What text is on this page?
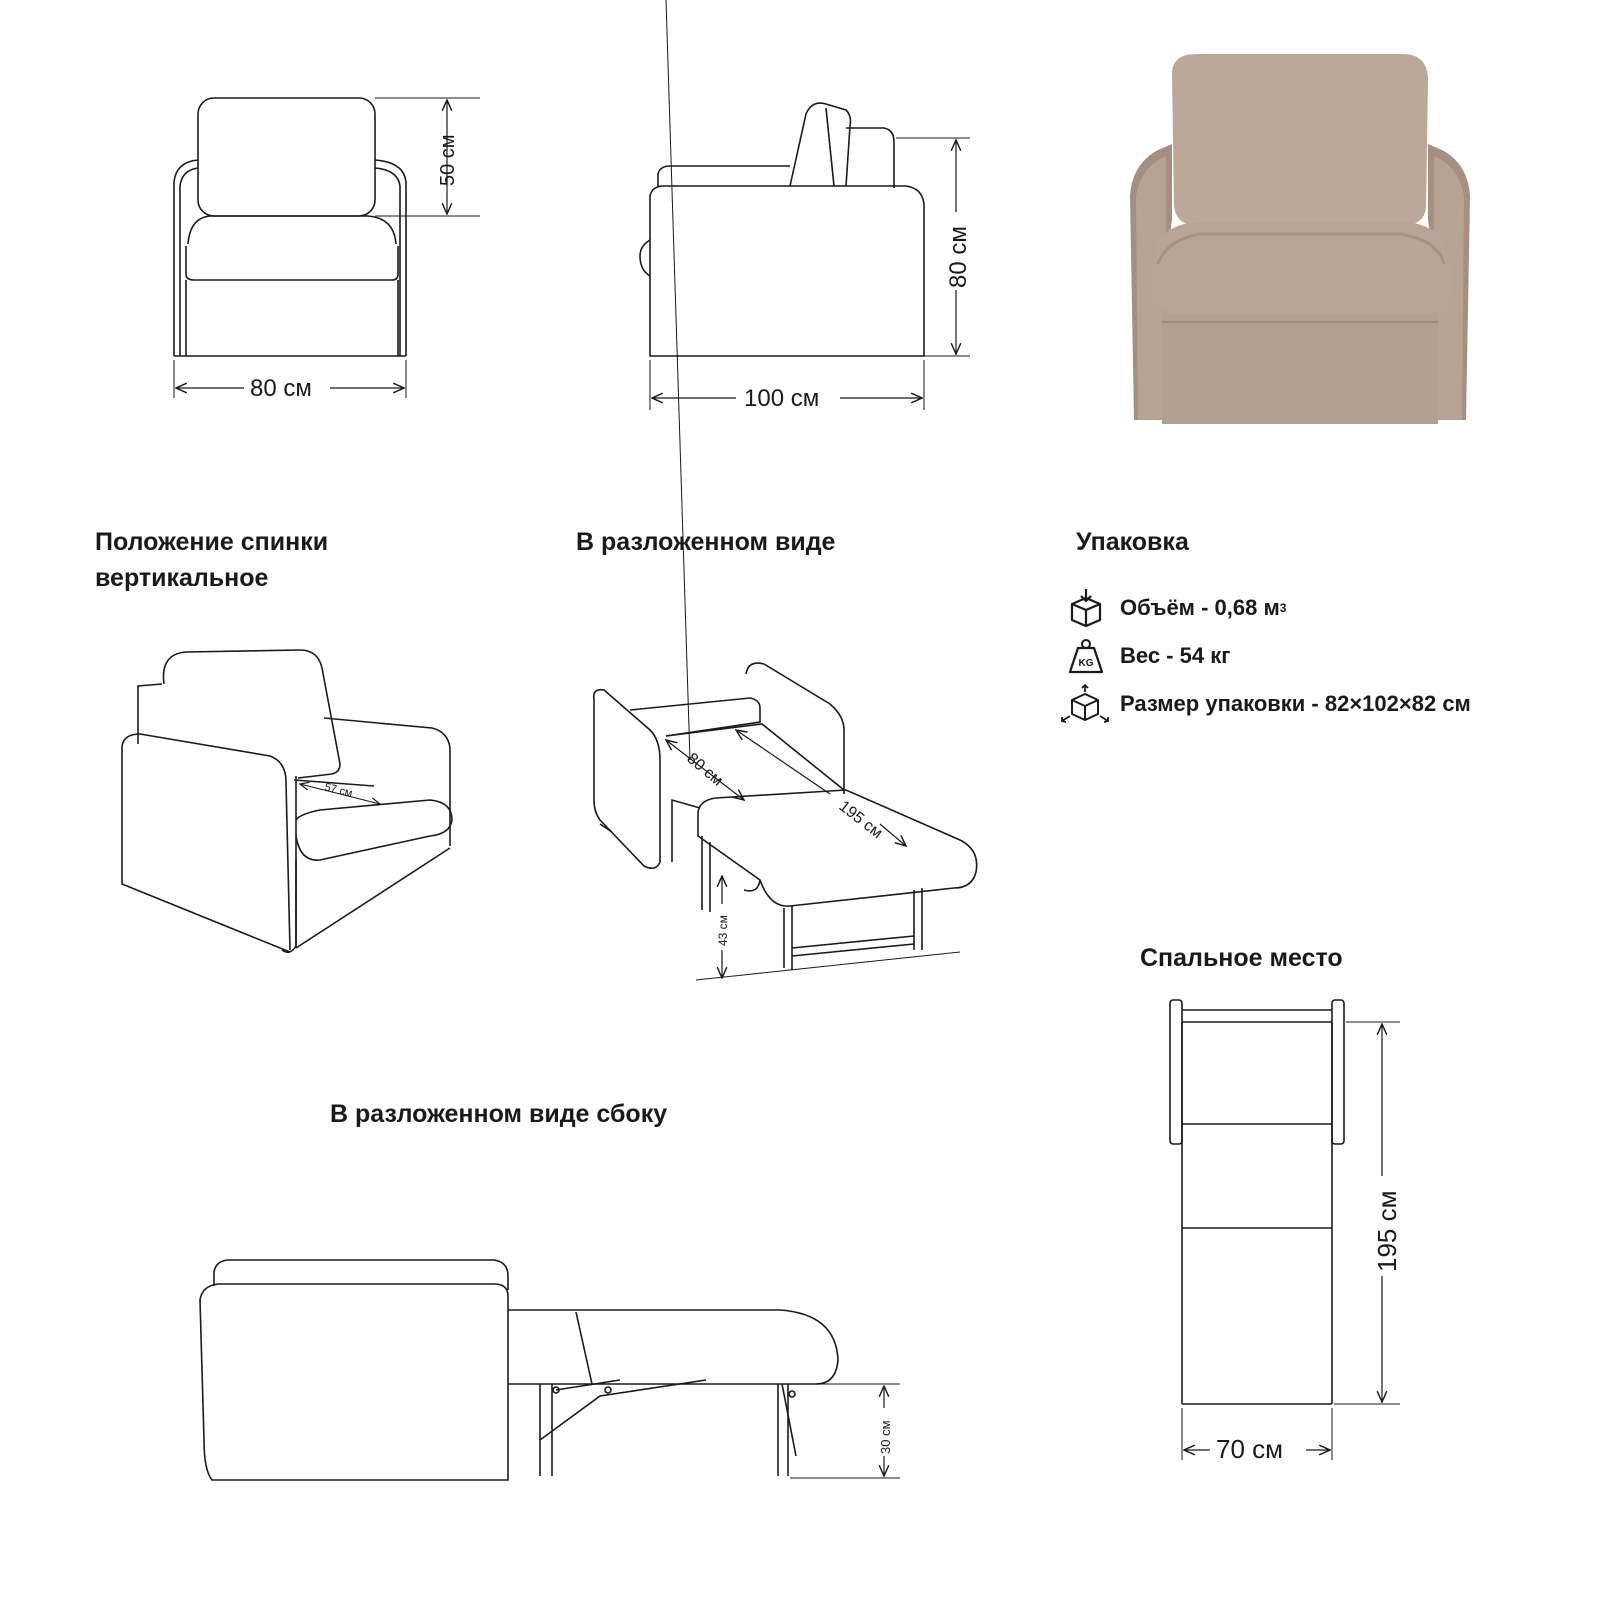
50 см
80 см
80 см
100 см
57 см
80 см
195 см
43 см
30 см
195 см
70 см
Положение спинки
вертикальное
В разложенном виде	Упаковка
В разложенном виде сбоку
Спальное место
Объём - 0,68 м 3
KG Вес - 54 кг
Размер упаковки - 82×102×82 см
